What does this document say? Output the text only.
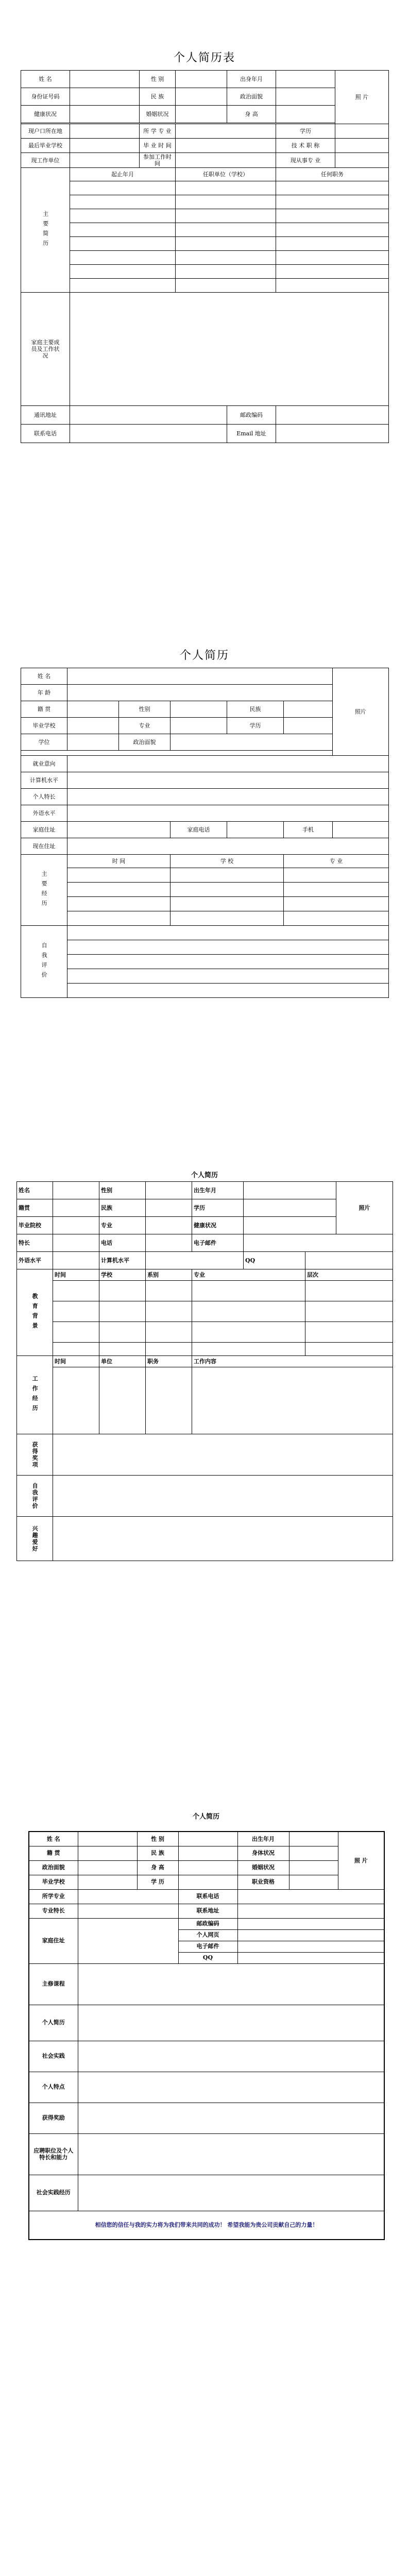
个人简历表
姓 名		性 别		出身年月		照 片
身份证号码		民 族		政治面貌		
健康状况		婚姻状况		身 高		

现户口所在地		所 学 专 业			学历	
最后毕业学校		毕 业 时 间			技 术 职 称	
现工作单位		参加工作时间			现从事专 业	

主要简历	起止年月		任职单位（学校）		任何职务	

家庭主要成员及工作状况						
通讯地址				邮政编码		
联系电话				Email 地址		
个人简历
姓 名						照片
年 龄						
籍 贯		性别		民族		
毕业学校		专业		学历		
学位		政治面貌				

就业意向						
计算机水平						
个人特长						
外语水平						
家庭住址			家庭电话		手机	
现在住址						

主要经历	时 间		学 校		专 业	

自我评价						

个人简历
姓名		性别		出生年月			照片
籍贯		民族		学历			
毕业院校		专业		健康状况			
特长		电话		电子邮件			
外语水平		计算机水平			QQ		

教育背景	时间	学校	系别	专业		层次	

工作经历	时间	单位	职务	工作内容			

获得奖项							

自我评价							

兴趣爱好							

个人简历
姓 名		性 别		出生年月		照 片
籍 贯		民 族		身体状况		
政治面貌		身 高		婚姻状况		
毕业学校		学 历		职业资格		
所学专业			联系电话			
专业特长			联系地址			
家庭住址			邮政编码			
			个人网页			
			电子邮件			
			QQ			
主修课程						
个人简历						
社会实践						
个人特点						
获得奖励						
应聘职位及个人特长和能力						
社会实践经历						
相信您的信任与我的实力将为我们带来共同的成功！ 希望我能为贵公司贡献自己的力量！						
